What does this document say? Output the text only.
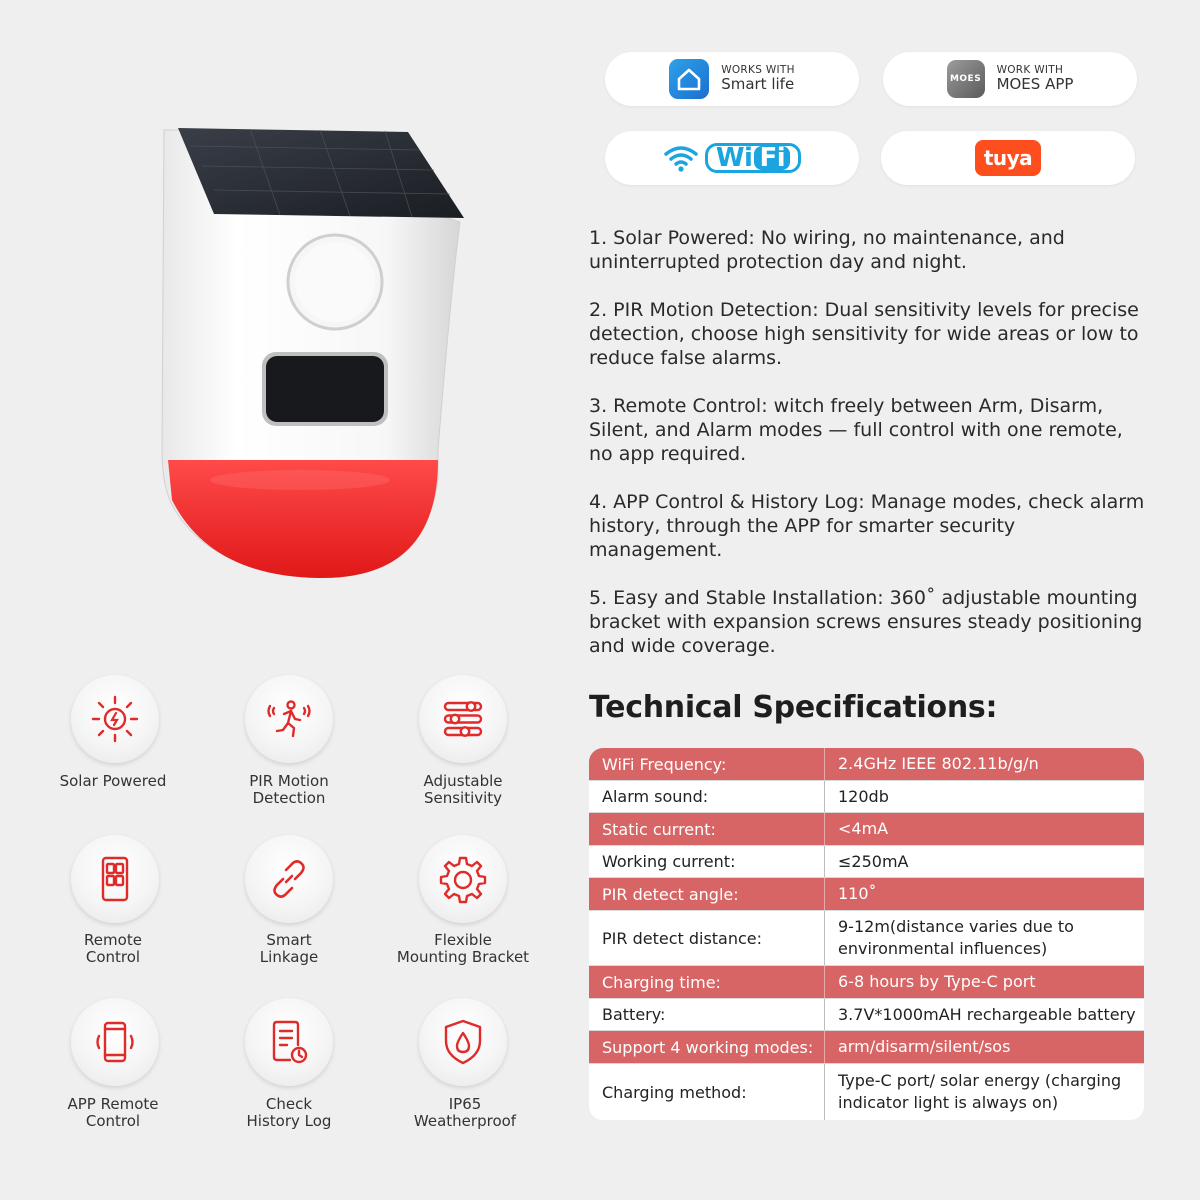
WORKS WITH
Smart life	MOES
WORK WITH
MOES APP
Wi Fi	tuya

1. Solar Powered: No wiring, no maintenance, and uninterrupted protection day and night.

2. PIR Motion Detection: Dual sensitivity levels for precise detection, choose high sensitivity for wide areas or low to reduce false alarms.

3. Remote Control: witch freely between Arm, Disarm, Silent, and Alarm modes — full control with one remote, no app required.

4. APP Control & History Log: Manage modes, check alarm history, through the APP for smarter security management.

5. Easy and Stable Installation: 360˚ adjustable mounting bracket with expansion screws ensures steady positioning and wide coverage.

Technical Specifications:
WiFi Frequency:	2.4GHz IEEE 802.11b/g/n
Alarm sound:	120db
Static current:	<4mA
Working current:	≤250mA
PIR detect angle:	110˚
PIR detect distance:
9-12m(distance varies due to environmental influences)
Charging time:	6-8 hours by Type-C port
Battery:	3.7V*1000mAH rechargeable battery
Support 4 working modes:	arm/disarm/silent/sos
Charging method:
Type-C port/ solar energy (charging indicator light is always on)
Solar Powered	PIR Motion
Detection
Adjustable
Sensitivity
Remote
Control
Smart
Linkage
Flexible
Mounting Bracket
APP Remote
Control
Check
History Log
IP65
Weatherproof
